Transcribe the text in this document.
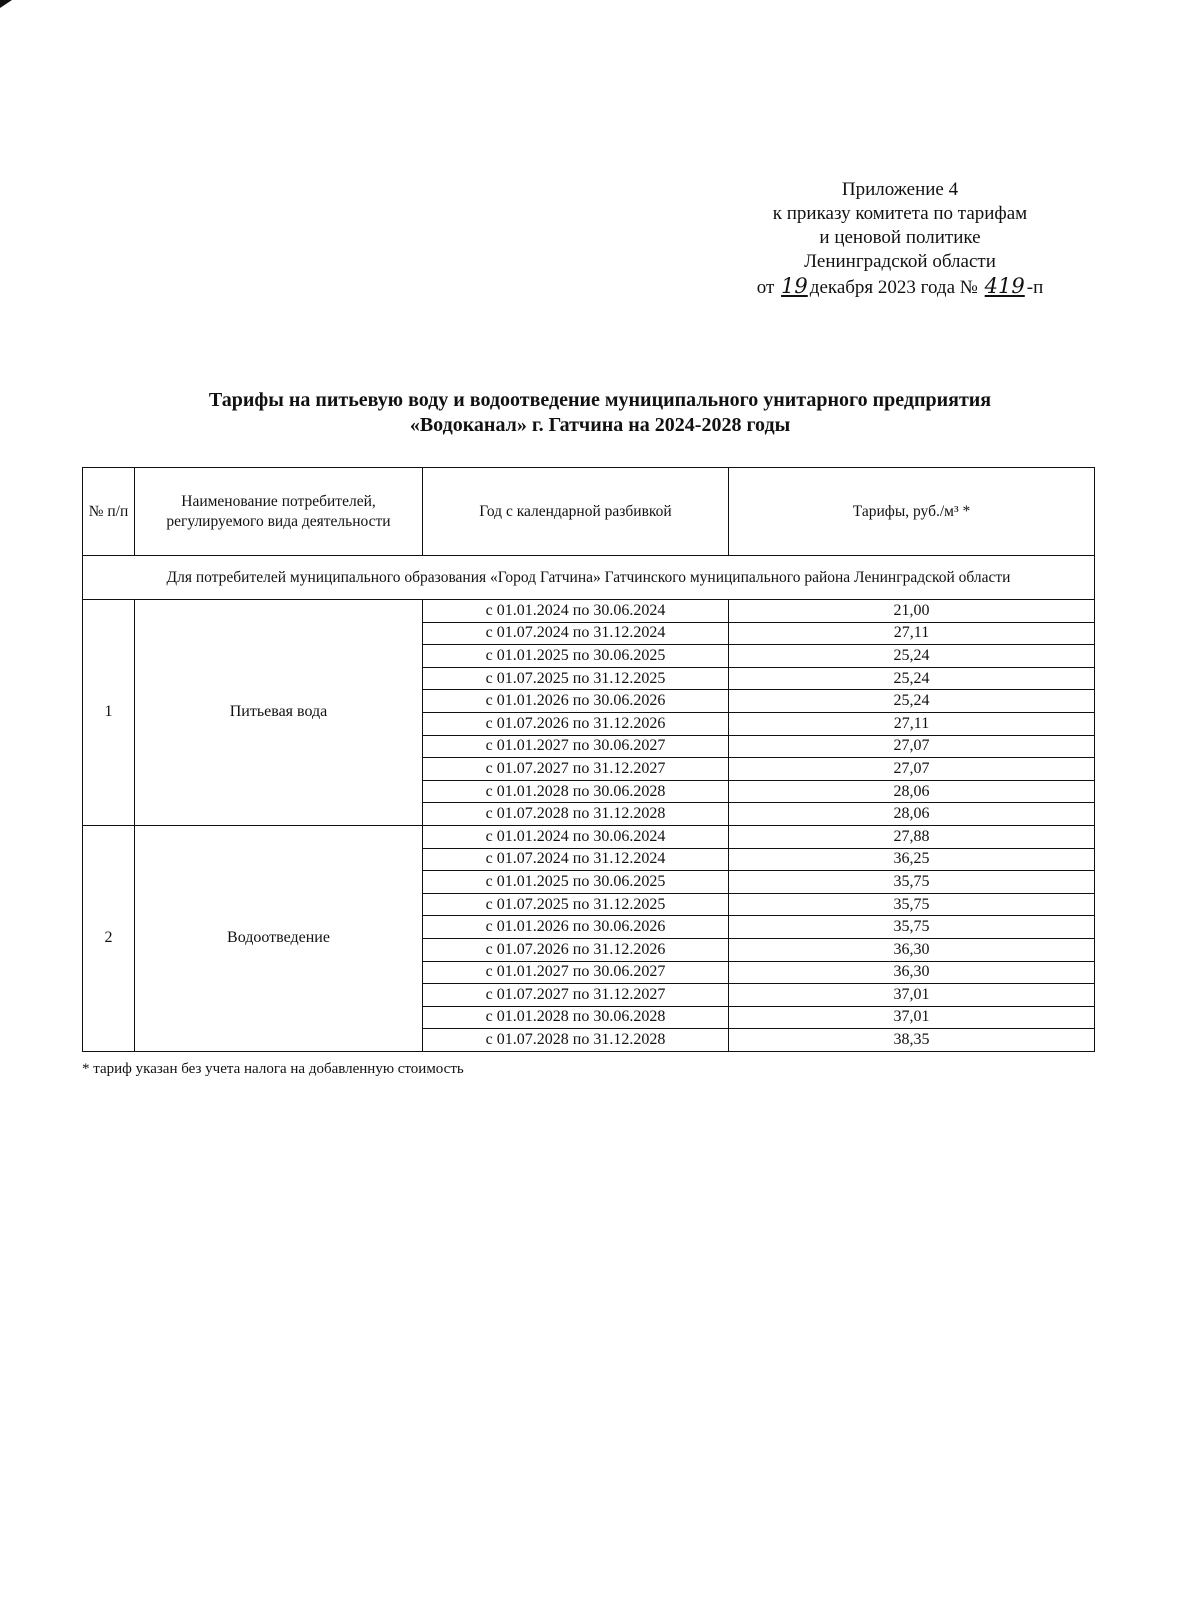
Приложение 4
к приказу комитета по тарифам
и ценовой политике
Ленинградской области
от 19 декабря 2023 года № 419 -п
Тарифы на питьевую воду и водоотведение муниципального унитарного предприятия
«Водоканал» г. Гатчина на 2024-2028 годы
№ п/п	Наименование потребителей, регулируемого вида деятельности	Год с календарной разбивкой	Тарифы, руб./м³ *
Для потребителей муниципального образования «Город Гатчина» Гатчинского муниципального района Ленинградской области			
1	Питьевая вода	с 01.01.2024 по 30.06.2024	21,00
		с 01.07.2024 по 31.12.2024	27,11
		с 01.01.2025 по 30.06.2025	25,24
		с 01.07.2025 по 31.12.2025	25,24
		с 01.01.2026 по 30.06.2026	25,24
		с 01.07.2026 по 31.12.2026	27,11
		с 01.01.2027 по 30.06.2027	27,07
		с 01.07.2027 по 31.12.2027	27,07
		с 01.01.2028 по 30.06.2028	28,06
		с 01.07.2028 по 31.12.2028	28,06
2	Водоотведение	с 01.01.2024 по 30.06.2024	27,88
		с 01.07.2024 по 31.12.2024	36,25
		с 01.01.2025 по 30.06.2025	35,75
		с 01.07.2025 по 31.12.2025	35,75
		с 01.01.2026 по 30.06.2026	35,75
		с 01.07.2026 по 31.12.2026	36,30
		с 01.01.2027 по 30.06.2027	36,30
		с 01.07.2027 по 31.12.2027	37,01
		с 01.01.2028 по 30.06.2028	37,01
		с 01.07.2028 по 31.12.2028	38,35
* тариф указан без учета налога на добавленную стоимость
